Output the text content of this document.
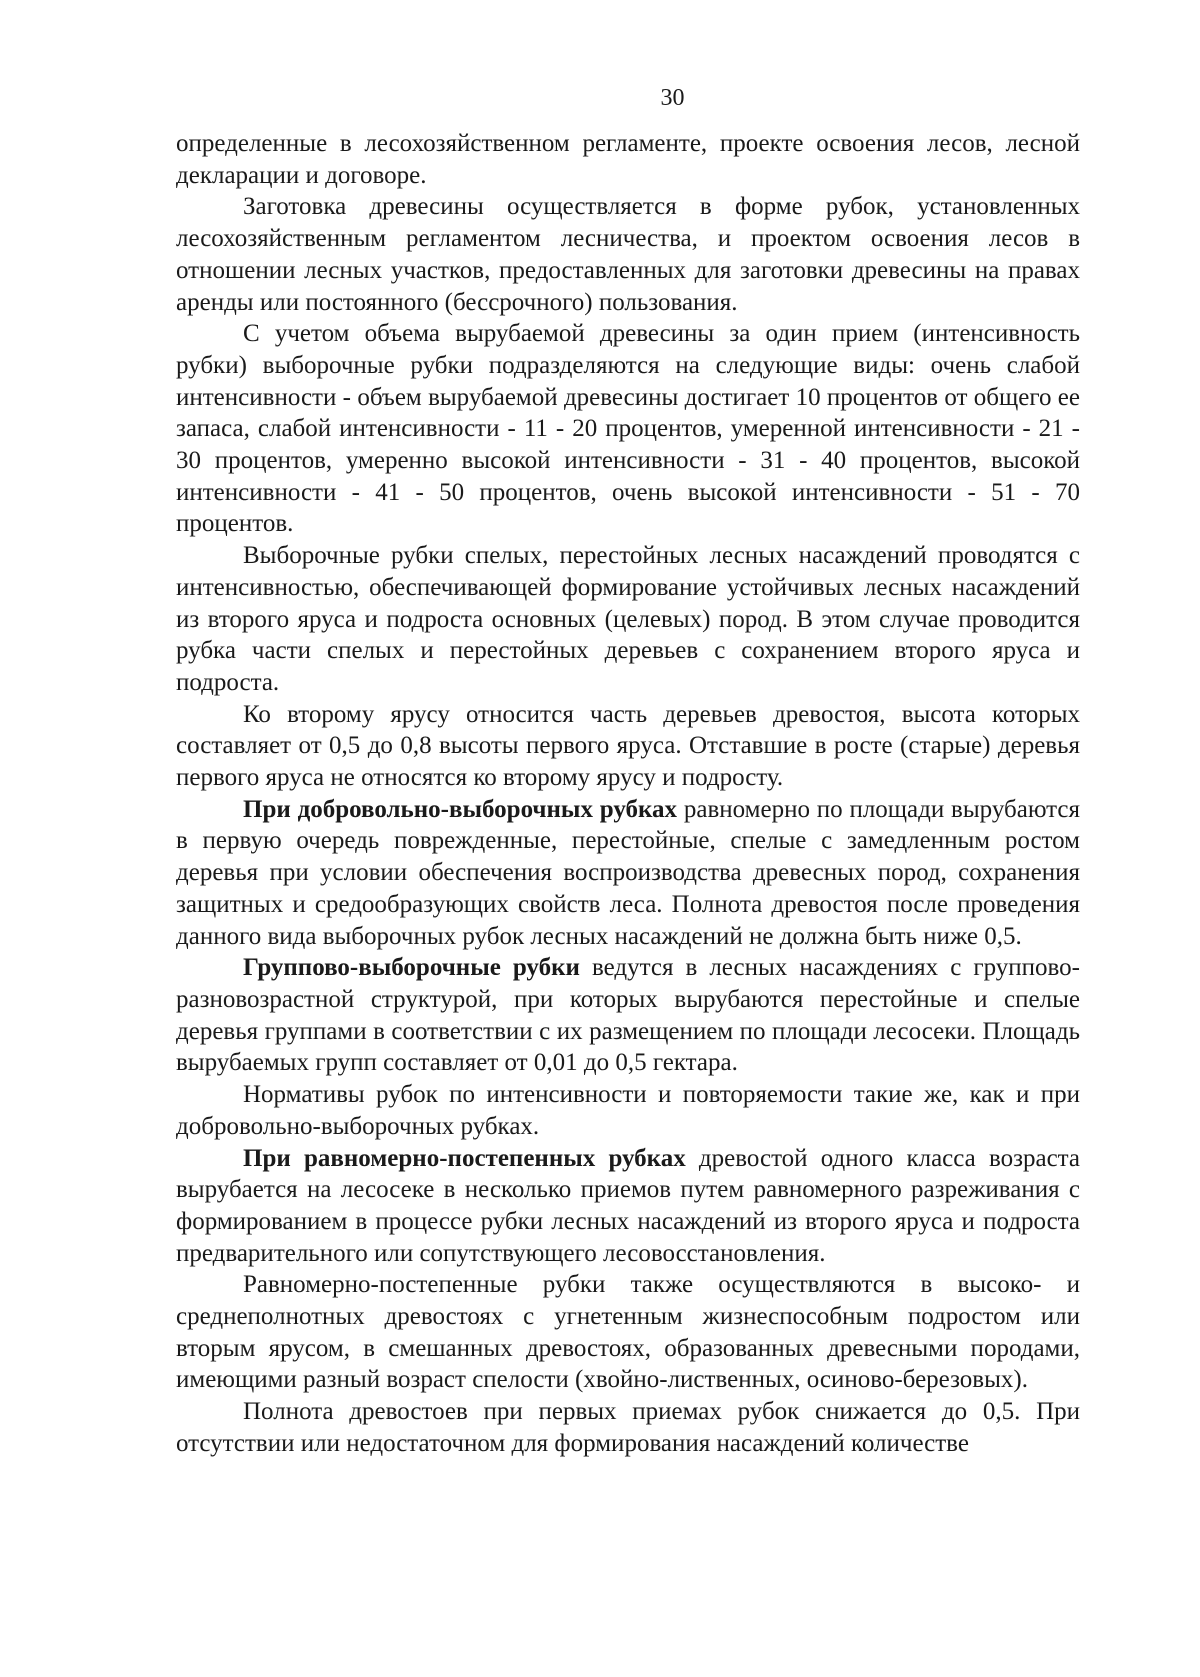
30

определенные в лесохозяйственном регламенте, проекте освоения лесов, лесной декларации и договоре.

Заготовка древесины осуществляется в форме рубок, установленных лесохозяйственным регламентом лесничества, и проектом освоения лесов в отношении лесных участков, предоставленных для заготовки древесины на правах аренды или постоянного (бессрочного) пользования.

С учетом объема вырубаемой древесины за один прием (интенсивность рубки) выборочные рубки подразделяются на следующие виды: очень слабой интенсивности - объем вырубаемой древесины достигает 10 процентов от общего ее запаса, слабой интенсивности - 11 - 20 процентов, умеренной интенсивности - 21 - 30 процентов, умеренно высокой интенсивности - 31 - 40 процентов, высокой интенсивности - 41 - 50 процентов, очень высокой интенсивности - 51 - 70 процентов.

Выборочные рубки спелых, перестойных лесных насаждений проводятся с интенсивностью, обеспечивающей формирование устойчивых лесных насаждений из второго яруса и подроста основных (целевых) пород. В этом случае проводится рубка части спелых и перестойных деревьев с сохранением второго яруса и подроста.

Ко второму ярусу относится часть деревьев древостоя, высота которых составляет от 0,5 до 0,8 высоты первого яруса. Отставшие в росте (старые) деревья первого яруса не относятся ко второму ярусу и подросту.

При добровольно-выборочных рубках равномерно по площади вырубаются в первую очередь поврежденные, перестойные, спелые с замедленным ростом деревья при условии обеспечения воспроизводства древесных пород, сохранения защитных и средообразующих свойств леса. Полнота древостоя после проведения данного вида выборочных рубок лесных насаждений не должна быть ниже 0,5.

Группово-выборочные рубки ведутся в лесных насаждениях с группово-разновозрастной структурой, при которых вырубаются перестойные и спелые деревья группами в соответствии с их размещением по площади лесосеки. Площадь вырубаемых групп составляет от 0,01 до 0,5 гектара.

Нормативы рубок по интенсивности и повторяемости такие же, как и при добровольно-выборочных рубках.

При равномерно-постепенных рубках древостой одного класса возраста вырубается на лесосеке в несколько приемов путем равномерного разреживания с формированием в процессе рубки лесных насаждений из второго яруса и подроста предварительного или сопутствующего лесовосстановления.

Равномерно-постепенные рубки также осуществляются в высоко- и среднеполнотных древостоях с угнетенным жизнеспособным подростом или вторым ярусом, в смешанных древостоях, образованных древесными породами, имеющими разный возраст спелости (хвойно-лиственных, осиново-березовых).

Полнота древостоев при первых приемах рубок снижается до 0,5. При отсутствии или недостаточном для формирования насаждений количестве
